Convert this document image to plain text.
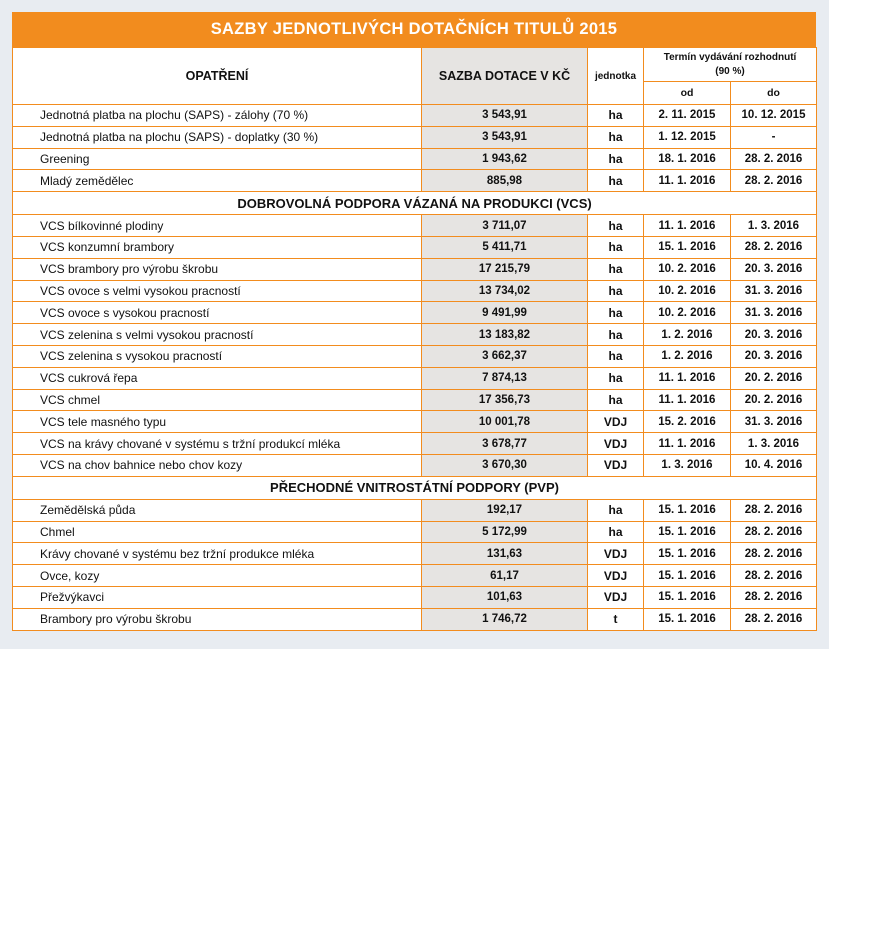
SAZBY JEDNOTLIVÝCH DOTAČNÍCH TITULŮ 2015
OPATŘENÍ	SAZBA DOTACE V KČ	jednotka	Termín vydávání rozhodnutí
(90 %)	
			od	do
Jednotná platba na plochu (SAPS) - zálohy (70 %)	3 543,91	ha	2. 11. 2015	10. 12. 2015
Jednotná platba na plochu (SAPS) - doplatky (30 %)	3 543,91	ha	1. 12. 2015	-
Greening	1 943,62	ha	18. 1. 2016	28. 2. 2016
Mladý zemědělec	885,98	ha	11. 1. 2016	28. 2. 2016
DOBROVOLNÁ PODPORA VÁZANÁ NA PRODUKCI (VCS)				
VCS bílkovinné plodiny	3 711,07	ha	11. 1. 2016	1. 3. 2016
VCS konzumní brambory	5 411,71	ha	15. 1. 2016	28. 2. 2016
VCS brambory pro výrobu škrobu	17 215,79	ha	10. 2. 2016	20. 3. 2016
VCS ovoce s velmi vysokou pracností	13 734,02	ha	10. 2. 2016	31. 3. 2016
VCS ovoce s vysokou pracností	9 491,99	ha	10. 2. 2016	31. 3. 2016
VCS zelenina s velmi vysokou pracností	13 183,82	ha	1. 2. 2016	20. 3. 2016
VCS zelenina s vysokou pracností	3 662,37	ha	1. 2. 2016	20. 3. 2016
VCS cukrová řepa	7 874,13	ha	11. 1. 2016	20. 2. 2016
VCS chmel	17 356,73	ha	11. 1. 2016	20. 2. 2016
VCS tele masného typu	10 001,78	VDJ	15. 2. 2016	31. 3. 2016
VCS na krávy chované v systému s tržní produkcí mléka	3 678,77	VDJ	11. 1. 2016	1. 3. 2016
VCS na chov bahnice nebo chov kozy	3 670,30	VDJ	1. 3. 2016	10. 4. 2016
PŘECHODNÉ VNITROSTÁTNÍ PODPORY (PVP)				
Zemědělská půda	192,17	ha	15. 1. 2016	28. 2. 2016
Chmel	5 172,99	ha	15. 1. 2016	28. 2. 2016
Krávy chované v systému bez tržní produkce mléka	131,63	VDJ	15. 1. 2016	28. 2. 2016
Ovce, kozy	61,17	VDJ	15. 1. 2016	28. 2. 2016
Přežvýkavci	101,63	VDJ	15. 1. 2016	28. 2. 2016
Brambory pro výrobu škrobu	1 746,72	t	15. 1. 2016	28. 2. 2016
